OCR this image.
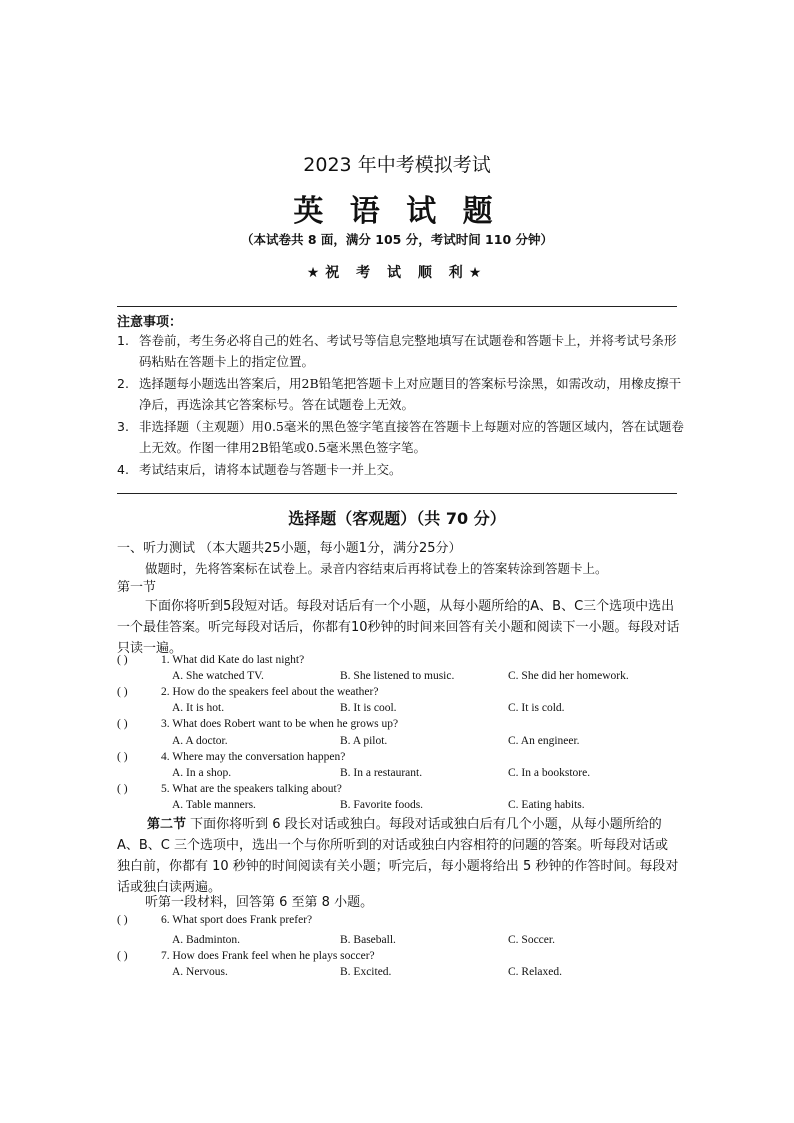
2023 年中考模拟考试
英 语 试 题
（本试卷共 8 面，满分 105 分，考试时间 110 分钟）
★祝 考 试 顺 利★
注意事项：
1. 答卷前，考生务必将自己的姓名、考试号等信息完整地填写在试题卷和答题卡上，并将考试号条形码粘贴在答题卡上的指定位置。
2. 选择题每小题选出答案后，用2B铅笔把答题卡上对应题目的答案标号涂黑，如需改动，用橡皮擦干净后，再选涂其它答案标号。答在试题卷上无效。
3. 非选择题（主观题）用0.5毫米的黑色签字笔直接答在答题卡上每题对应的答题区域内，答在试题卷上无效。作图一律用2B铅笔或0.5毫米黑色签字笔。
4. 考试结束后，请将本试题卷与答题卡一并上交。
选择题（客观题）（共 70 分）
一、听力测试 （本大题共25小题，每小题1分，满分25分）
做题时，先将答案标在试卷上。录音内容结束后再将试卷上的答案转涂到答题卡上。
第一节
下面你将听到5段短对话。每段对话后有一个小题，从每小题所给的A、B、C三个选项中选出一个最佳答案。听完每段对话后，你都有10秒钟的时间来回答有关小题和阅读下一小题。每段对话只读一遍。
( )	1. What did Kate do last night?
A. She watched TV.	B. She listened to music.	C. She did her homework.
( )	2. How do the speakers feel about the weather?
A. It is hot.	B. It is cool.	C. It is cold.
( )	3. What does Robert want to be when he grows up?
A. A doctor.	B. A pilot.	C. An engineer.
( )	4. Where may the conversation happen?
A. In a shop.	B. In a restaurant.	C. In a bookstore.
( )	5. What are the speakers talking about?
A. Table manners.	B. Favorite foods.	C. Eating habits.
第二节 下面你将听到 6 段长对话或独白。每段对话或独白后有几个小题，从每小题所给的A、B、C 三个选项中，选出一个与你所听到的对话或独白内容相符的问题的答案。听每段对话或独白前，你都有 10 秒钟的时间阅读有关小题；听完后，每小题将给出 5 秒钟的作答时间。每段对话或独白读两遍。
听第一段材料，回答第 6 至第 8 小题。
( )	6. What sport does Frank prefer?
A. Badminton.	B. Baseball.	C. Soccer.
( )	7. How does Frank feel when he plays soccer?
A. Nervous.	B. Excited.	C. Relaxed.
